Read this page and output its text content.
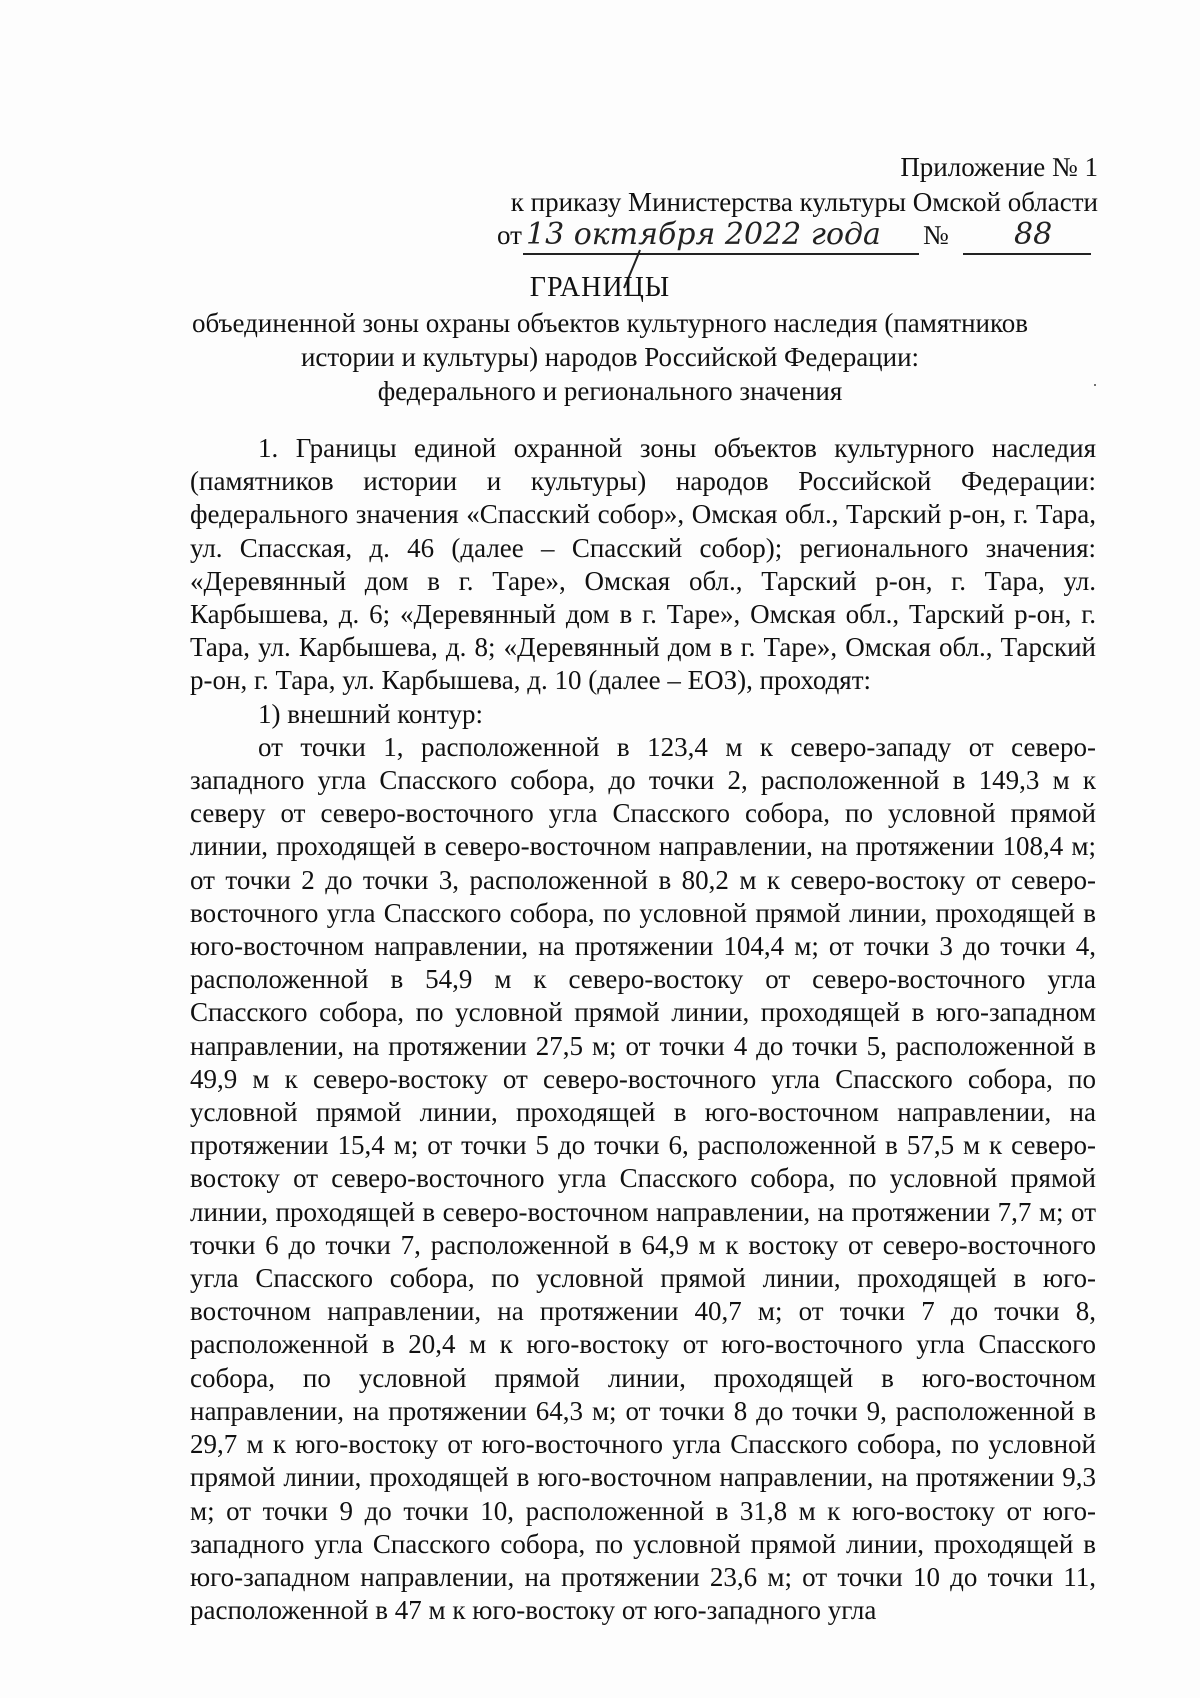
Приложение № 1
к приказу Министерства культуры Омской области
от	№
13 октября 2022 года	88
ГРАНИЦЫ
объединенной зоны охраны объектов культурного наследия (памятников
истории и культуры) народов Российской Федерации:
федерального и регионального значения

1. Границы единой охранной зоны объектов культурного наследия (памятников истории и культуры) народов Российской Федерации: федерального значения «Спасский собор», Омская обл., Тарский р-он, г. Тара, ул. Спасская, д. 46 (далее – Спасский собор); регионального значения: «Деревянный дом в г. Таре», Омская обл., Тарский р-он, г. Тара, ул. Карбышева, д. 6; «Деревянный дом в г. Таре», Омская обл., Тарский р-он, г. Тара, ул. Карбышева, д. 8; «Деревянный дом в г. Таре», Омская обл., Тарский р-он, г. Тара, ул. Карбышева, д. 10 (далее – ЕОЗ), проходят:

1) внешний контур:

от точки 1, расположенной в 123,4 м к северо-западу от северо-западного угла Спасского собора, до точки 2, расположенной в 149,3 м к северу от северо-восточного угла Спасского собора, по условной прямой линии, проходящей в северо-восточном направлении, на протяжении 108,4 м; от точки 2 до точки 3, расположенной в 80,2 м к северо-востоку от северо-восточного угла Спасского собора, по условной прямой линии, проходящей в юго-восточном направлении, на протяжении 104,4 м; от точки 3 до точки 4, расположенной в 54,9 м к северо-востоку от северо-восточного угла Спасского собора, по условной прямой линии, проходящей в юго-западном направлении, на протяжении 27,5 м; от точки 4 до точки 5, расположенной в 49,9 м к северо-востоку от северо-восточного угла Спасского собора, по условной прямой линии, проходящей в юго-восточном направлении, на протяжении 15,4 м; от точки 5 до точки 6, расположенной в 57,5 м к северо-востоку от северо-восточного угла Спасского собора, по условной прямой линии, проходящей в северо-восточном направлении, на протяжении 7,7 м; от точки 6 до точки 7, расположенной в 64,9 м к востоку от северо-восточного угла Спасского собора, по условной прямой линии, проходящей в юго-восточном направлении, на протяжении 40,7 м; от точки 7 до точки 8, расположенной в 20,4 м к юго-востоку от юго-восточного угла Спасского собора, по условной прямой линии, проходящей в юго-восточном направлении, на протяжении 64,3 м; от точки 8 до точки 9, расположенной в 29,7 м к юго-востоку от юго-восточного угла Спасского собора, по условной прямой линии, проходящей в юго-восточном направлении, на протяжении 9,3 м; от точки 9 до точки 10, расположенной в 31,8 м к юго-востоку от юго-западного угла Спасского собора, по условной прямой линии, проходящей в юго-западном направлении, на протяжении 23,6 м; от точки 10 до точки 11, расположенной в 47 м к юго-востоку от юго-западного угла
